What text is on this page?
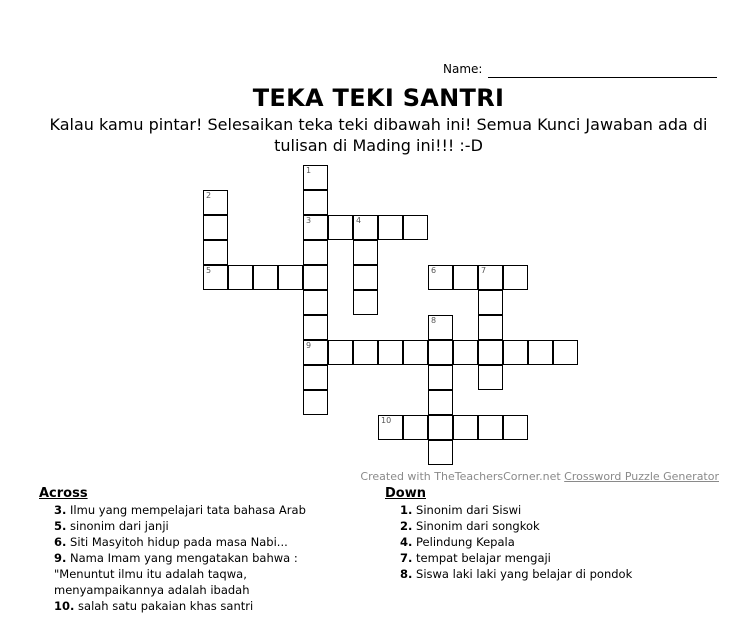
Name:
TEKA TEKI SANTRI
Kalau kamu pintar! Selesaikan teka teki dibawah ini! Semua Kunci Jawaban ada di tulisan di Mading ini!!! :-D
1
3
9
2
5
4
6	7
8
10
Created with TheTeachersCorner.net Crossword Puzzle Generator
Across
3. Ilmu yang mempelajari tata bahasa Arab
5. sinonim dari janji
6. Siti Masyitoh hidup pada masa Nabi...
9. Nama Imam yang mengatakan bahwa :
"Menuntut ilmu itu adalah taqwa,
menyampaikannya adalah ibadah
10. salah satu pakaian khas santri
Down
1. Sinonim dari Siswi
2. Sinonim dari songkok
4. Pelindung Kepala
7. tempat belajar mengaji
8. Siswa laki laki yang belajar di pondok
